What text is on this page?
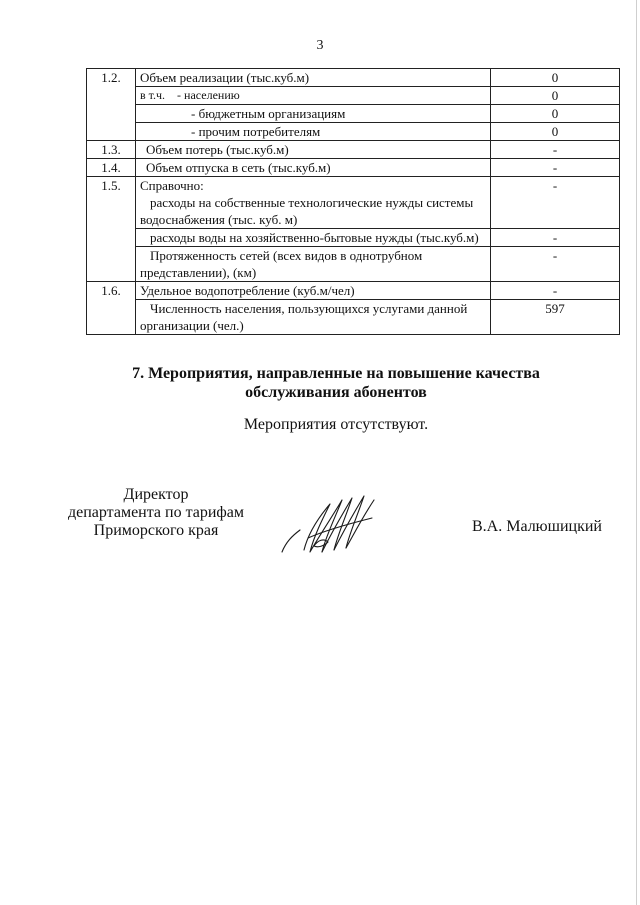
3
1.2.	Объем реализации (тыс.куб.м)	0
	в т.ч.    - населению	0
	- бюджетным организациям	0
	- прочим потребителям	0
1.3.	Объем потерь (тыс.куб.м)	-
1.4.	Объем отпуска в сеть (тыс.куб.м)	-
1.5.	Справочно:
расходы на собственные технологические нужды системы водоснабжения (тыс. куб. м)	-
	расходы воды на хозяйственно-бытовые нужды (тыс.куб.м)	-
	Протяженность сетей (всех видов в однотрубном представлении), (км)	-
1.6.	Удельное водопотребление (куб.м/чел)	-
	Численность населения, пользующихся услугами данной организации (чел.)	597
7. Мероприятия, направленные на повышение качества обслуживания абонентов
Мероприятия отсутствуют.
Директор
департамента по тарифам
Приморского края	В.А. Малюшицкий
